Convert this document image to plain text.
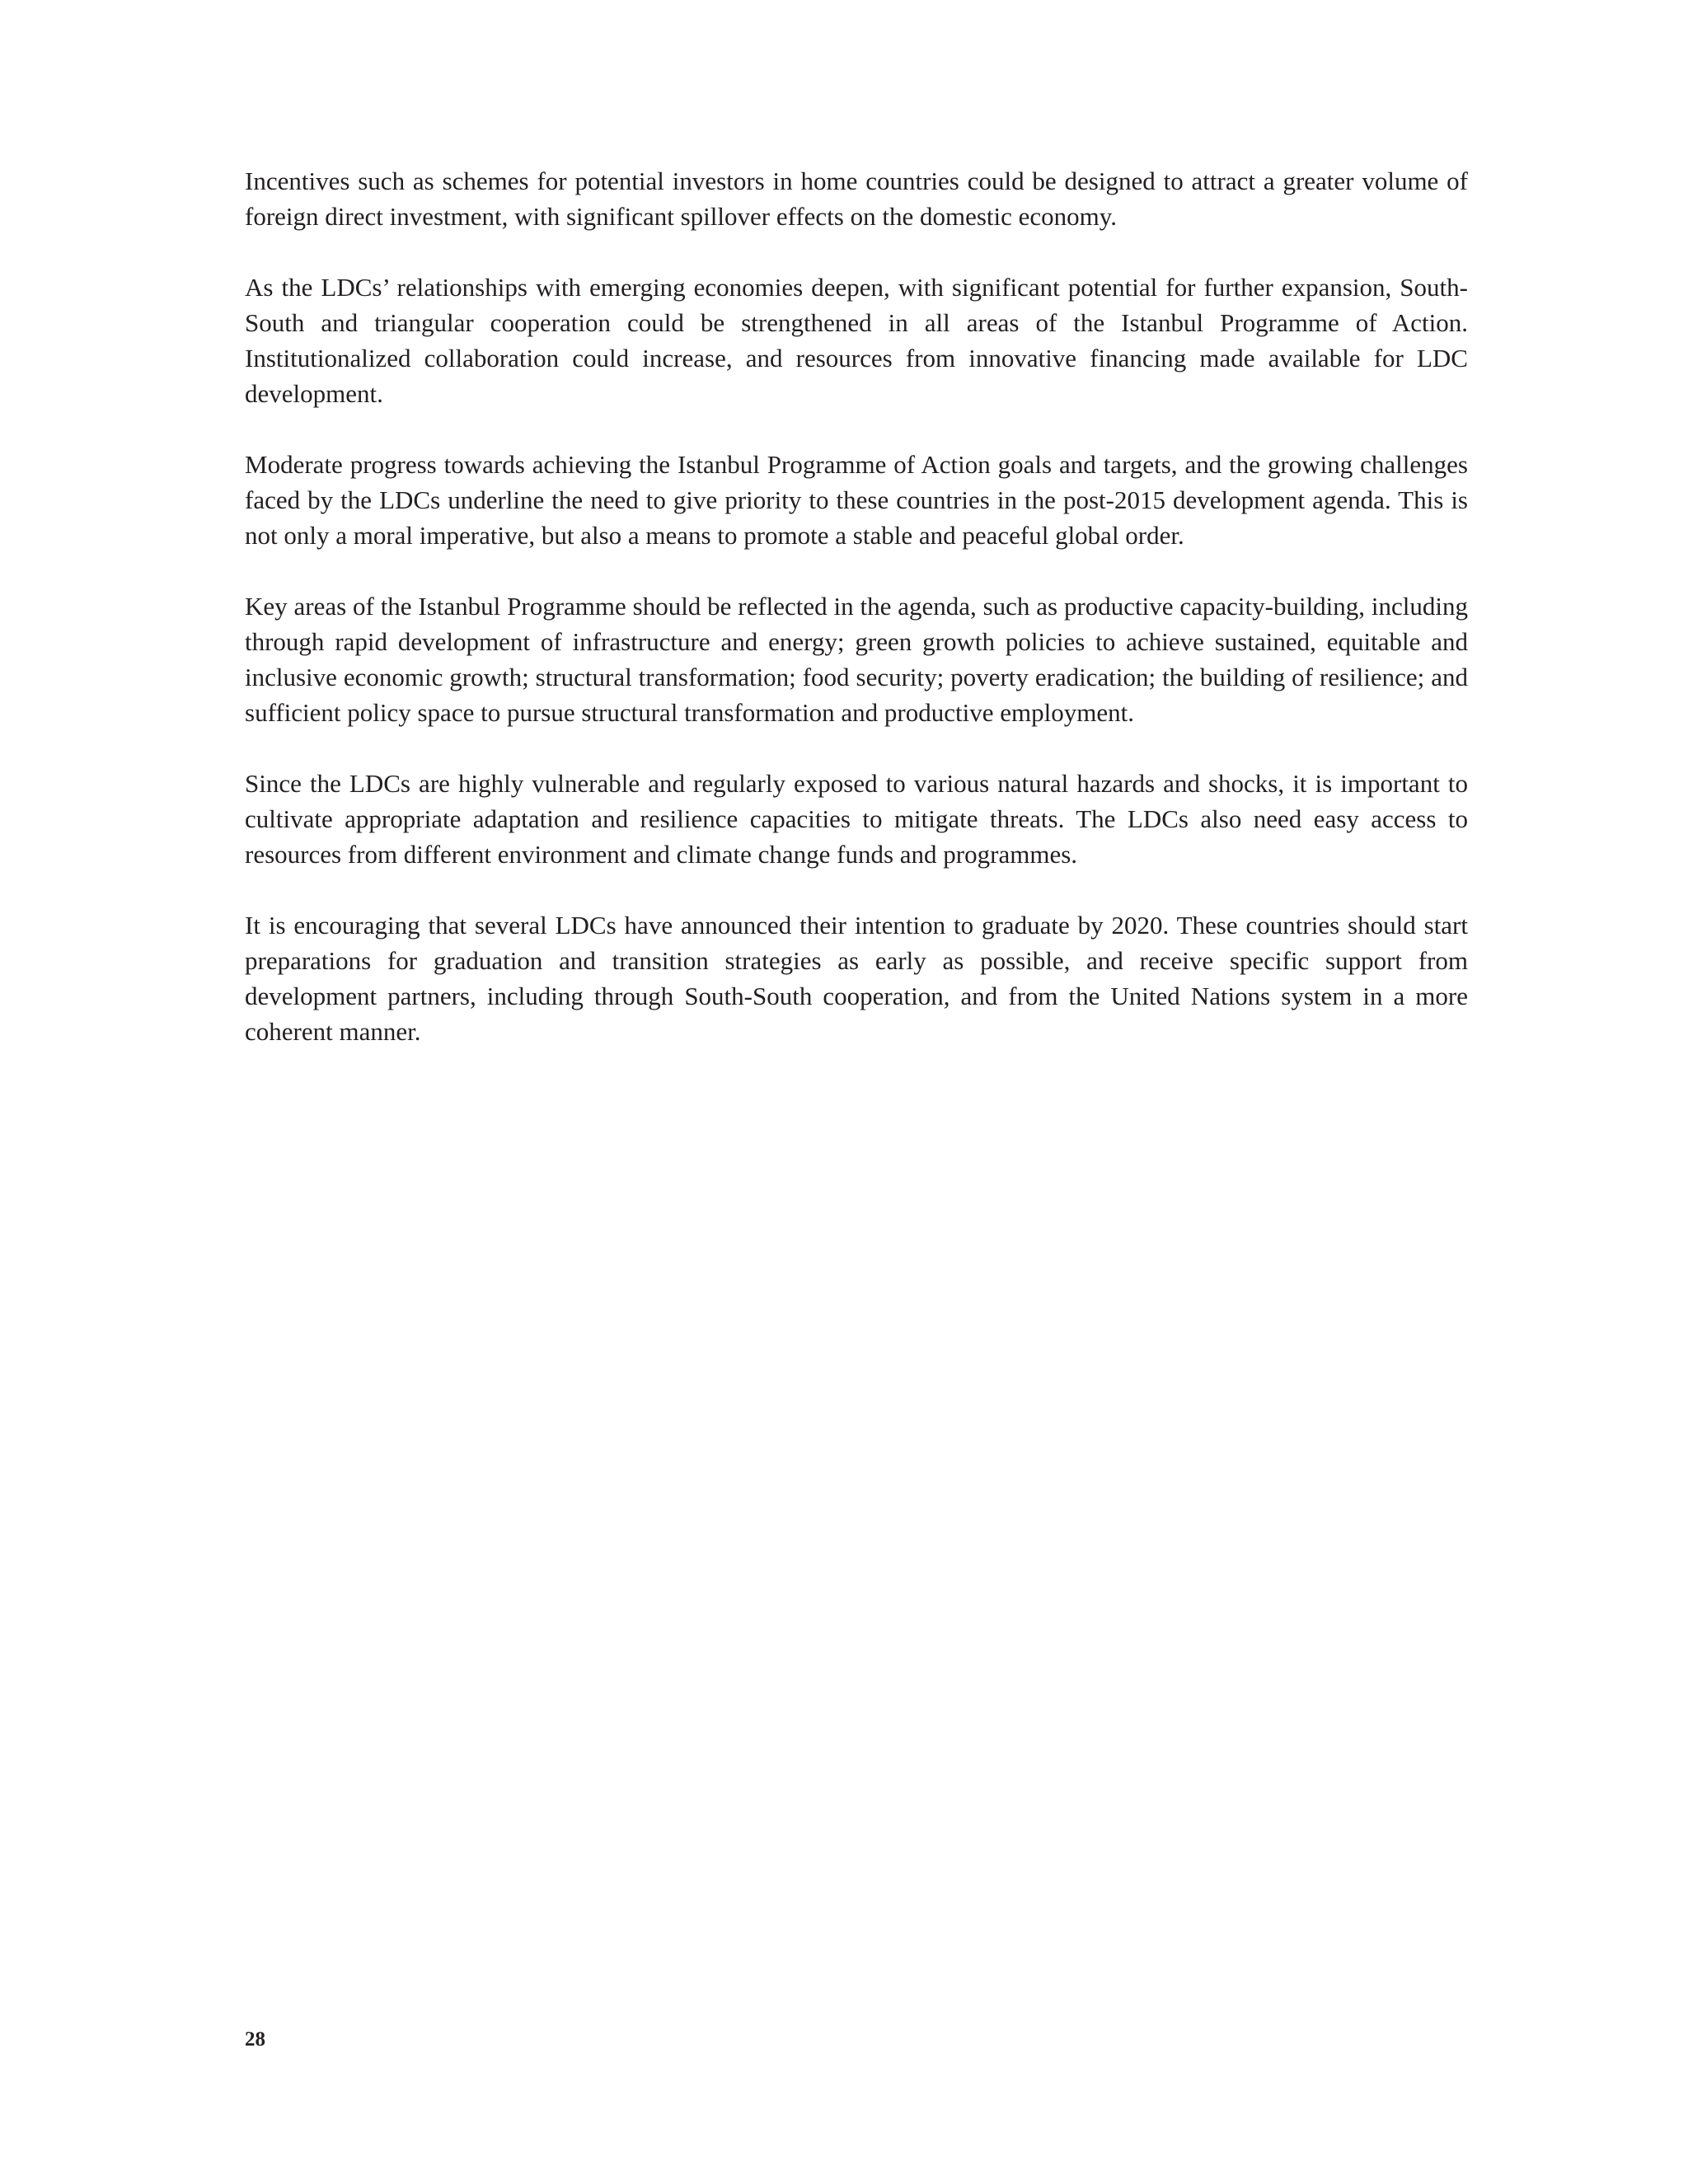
Incentives such as schemes for potential investors in home countries could be designed to attract a greater volume of foreign direct investment, with significant spillover effects on the domestic economy.

As the LDCs’ relationships with emerging economies deepen, with significant potential for further expansion, South-South and triangular cooperation could be strengthened in all areas of the Istanbul Programme of Action. Institutionalized collaboration could increase, and resources from innovative financing made available for LDC development.

Moderate progress towards achieving the Istanbul Programme of Action goals and targets, and the growing challenges faced by the LDCs underline the need to give priority to these countries in the post-2015 development agenda. This is not only a moral imperative, but also a means to promote a stable and peaceful global order.

Key areas of the Istanbul Programme should be reflected in the agenda, such as productive capacity-building, including through rapid development of infrastructure and energy; green growth policies to achieve sustained, equitable and inclusive economic growth; structural transformation; food security; poverty eradication; the building of resilience; and sufficient policy space to pursue structural transformation and productive employment.

Since the LDCs are highly vulnerable and regularly exposed to various natural hazards and shocks, it is important to cultivate appropriate adaptation and resilience capacities to mitigate threats. The LDCs also need easy access to resources from different environment and climate change funds and programmes.

It is encouraging that several LDCs have announced their intention to graduate by 2020. These countries should start preparations for graduation and transition strategies as early as possible, and receive specific support from development partners, including through South-South cooperation, and from the United Nations system in a more coherent manner.

28
